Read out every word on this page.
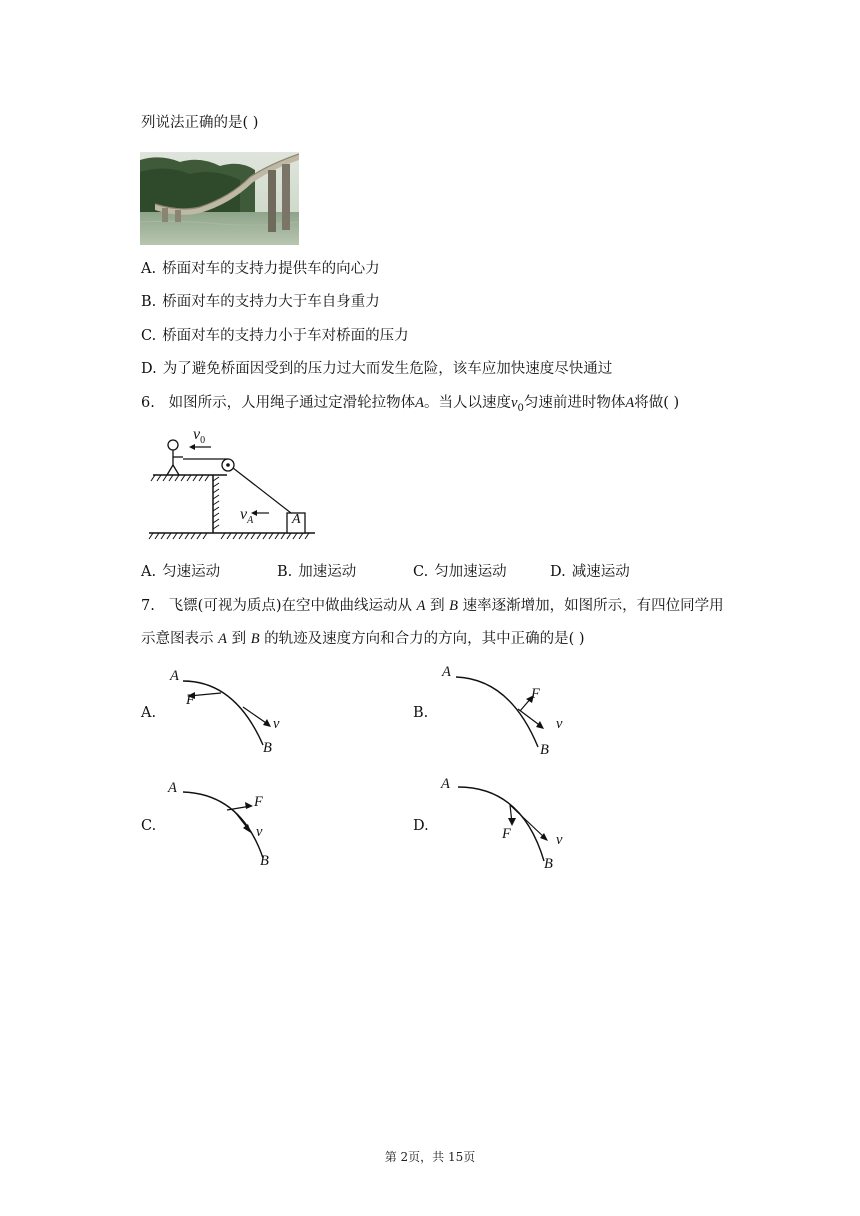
列说法正确的是( )
A. 桥面对车的支持力提供车的向心力
B. 桥面对车的支持力大于车自身重力
C. 桥面对车的支持力小于车对桥面的压力
D. 为了避免桥面因受到的压力过大而发生危险，该车应加快速度尽快通过
6. 如图所示，人用绳子通过定滑轮拉物体A。当人以速度$v_0$匀速前进时物体A将做( )
$v_0$
$v_A$	A
A. 匀速运动	B. 加速运动	C. 匀加速运动	D. 减速运动
7. 飞镖(可视为质点)在空中做曲线运动从 A 到 B 速率逐渐增加，如图所示，有四位同学用
示意图表示 A 到 B 的轨迹及速度方向和合力的方向，其中正确的是( )
A.
A
F
v
B
B.
A
F
v
B
C.
A
F
v
B
D.
A
F	v
B
第 2页，共 15页
